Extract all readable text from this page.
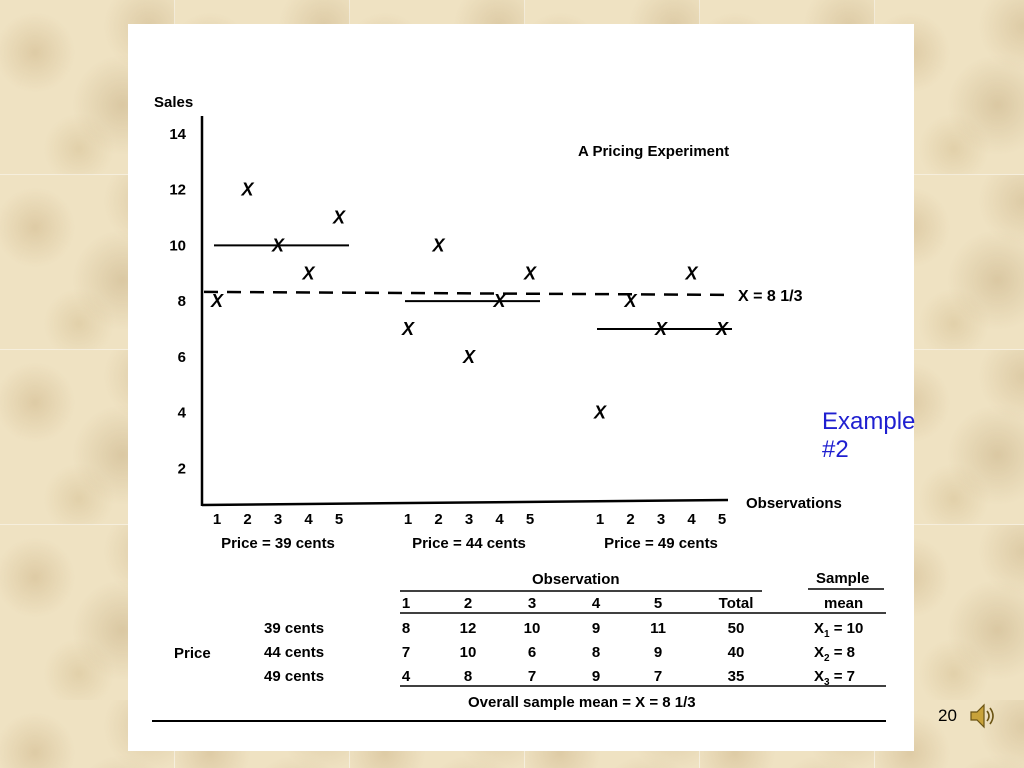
Sales
Observations
A Pricing Experiment
2
4
6
8
10
12
14
1 2 3 4 5	1 2 3 4 5	1 2 3 4 5
Price = 39 cents	Price = 44 cents	Price = 49 cents
X = 8 1/3
X
X
X
X
X
X
X
X
X
X
X
X
X
X
X
Observation	Sample
mean
1	2	3	4	5	Total
Price
39 cents	8	12	10	9	11	50	$X_1 = 10$
44 cents	7	10	6	8	9	40	$X_2 = 8$
49 cents	4	8	7	9	7	35	$X_3 = 7$
Overall sample mean = X = 8 1/3
Example #2
20
